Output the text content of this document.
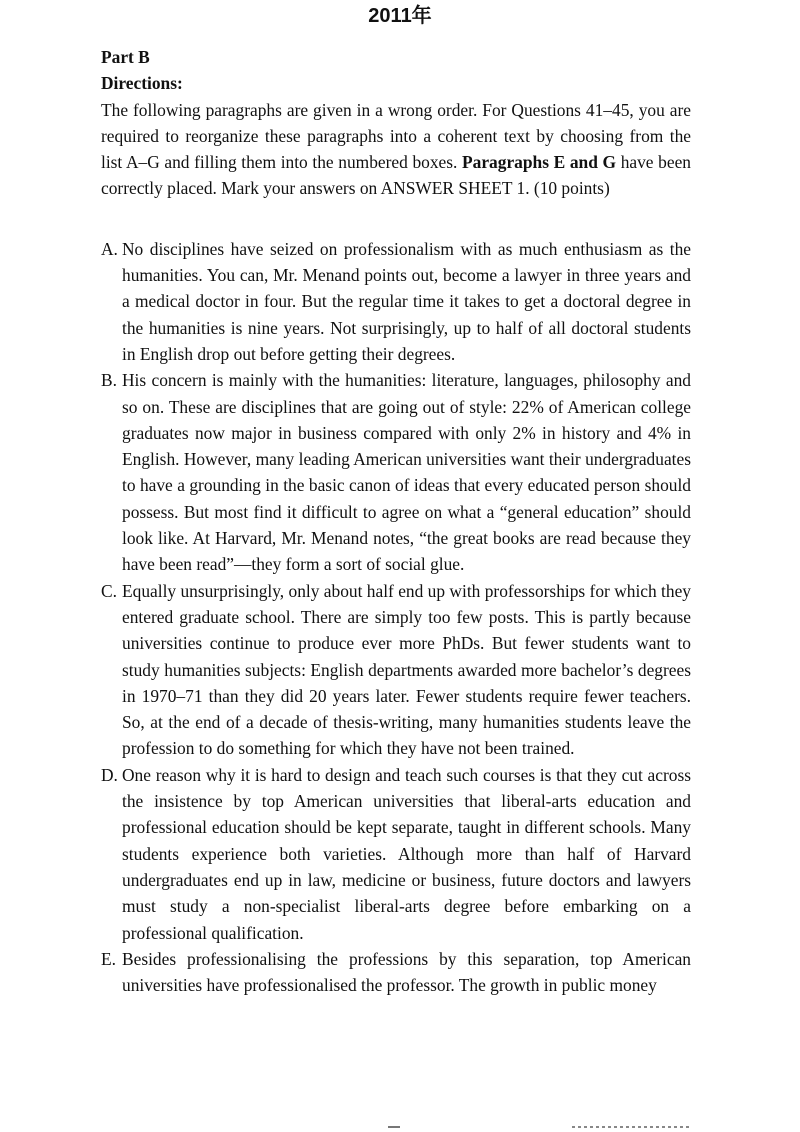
2011年

Part B

Directions:

The following paragraphs are given in a wrong order. For Questions 41–45, you are required to reorganize these paragraphs into a coherent text by choosing from the list A–G and filling them into the numbered boxes. Paragraphs E and G have been correctly placed. Mark your answers on ANSWER SHEET 1. (10 points)

A. No disciplines have seized on professionalism with as much enthusiasm as the humanities. You can, Mr. Menand points out, become a lawyer in three years and a medical doctor in four. But the regular time it takes to get a doctoral degree in the humanities is nine years. Not surprisingly, up to half of all doctoral students in English drop out before getting their degrees.

B. His concern is mainly with the humanities: literature, languages, philosophy and so on. These are disciplines that are going out of style: 22% of American college graduates now major in business compared with only 2% in history and 4% in English. However, many leading American universities want their undergraduates to have a grounding in the basic canon of ideas that every educated person should possess. But most find it difficult to agree on what a “general education” should look like. At Harvard, Mr. Menand notes, “the great books are read because they have been read”—they form a sort of social glue.

C. Equally unsurprisingly, only about half end up with professorships for which they entered graduate school. There are simply too few posts. This is partly because universities continue to produce ever more PhDs. But fewer students want to study humanities subjects: English departments awarded more bachelor’s degrees in 1970–71 than they did 20 years later. Fewer students require fewer teachers. So, at the end of a decade of thesis-writing, many humanities students leave the profession to do something for which they have not been trained.

D. One reason why it is hard to design and teach such courses is that they cut across the insistence by top American universities that liberal-arts education and professional education should be kept separate, taught in different schools. Many students experience both varieties. Although more than half of Harvard undergraduates end up in law, medicine or business, future doctors and lawyers must study a non-specialist liberal-arts degree before embarking on a professional qualification.

E. Besides professionalising the professions by this separation, top American universities have professionalised the professor. The growth in public money
